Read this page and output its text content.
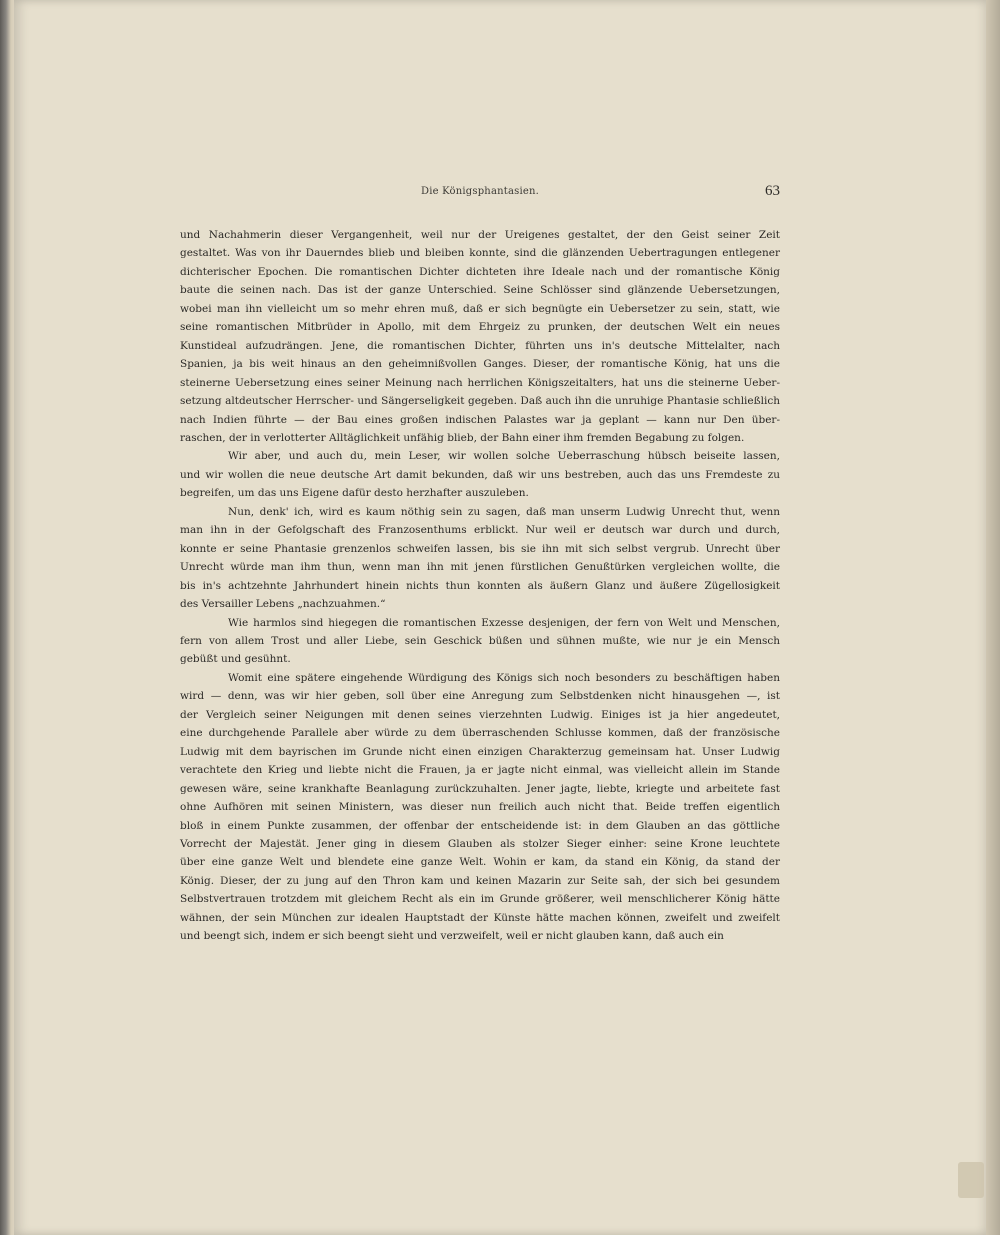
Die Königsphantasien.	63
und Nachahmerin dieser Vergangenheit, weil nur der Ureigenes gestaltet, der den Geist seiner Zeit
gestaltet. Was von ihr Dauerndes blieb und bleiben konnte, sind die glänzenden Uebertragungen entlegener
dichterischer Epochen. Die romantischen Dichter dichteten ihre Ideale nach und der romantische König
baute die seinen nach. Das ist der ganze Unterschied. Seine Schlösser sind glänzende Uebersetzungen,
wobei man ihn vielleicht um so mehr ehren muß, daß er sich begnügte ein Uebersetzer zu sein, statt, wie
seine romantischen Mitbrüder in Apollo, mit dem Ehrgeiz zu prunken, der deutschen Welt ein neues
Kunstideal aufzudrängen. Jene, die romantischen Dichter, führten uns in's deutsche Mittelalter, nach
Spanien, ja bis weit hinaus an den geheimnißvollen Ganges. Dieser, der romantische König, hat uns die
steinerne Uebersetzung eines seiner Meinung nach herrlichen Königszeitalters, hat uns die steinerne Ueber-
setzung altdeutscher Herrscher- und Sängerseligkeit gegeben. Daß auch ihn die unruhige Phantasie schließlich
nach Indien führte — der Bau eines großen indischen Palastes war ja geplant — kann nur Den über-
raschen, der in verlotterter Alltäglichkeit unfähig blieb, der Bahn einer ihm fremden Begabung zu folgen.
Wir aber, und auch du, mein Leser, wir wollen solche Ueberraschung hübsch beiseite lassen,
und wir wollen die neue deutsche Art damit bekunden, daß wir uns bestreben, auch das uns Fremdeste zu
begreifen, um das uns Eigene dafür desto herzhafter auszuleben.
Nun, denk' ich, wird es kaum nöthig sein zu sagen, daß man unserm Ludwig Unrecht thut, wenn
man ihn in der Gefolgschaft des Franzosenthums erblickt. Nur weil er deutsch war durch und durch,
konnte er seine Phantasie grenzenlos schweifen lassen, bis sie ihn mit sich selbst vergrub. Unrecht über
Unrecht würde man ihm thun, wenn man ihn mit jenen fürstlichen Genußtürken vergleichen wollte, die
bis in's achtzehnte Jahrhundert hinein nichts thun konnten als äußern Glanz und äußere Zügellosigkeit
des Versailler Lebens „nachzuahmen.“
Wie harmlos sind hiegegen die romantischen Exzesse desjenigen, der fern von Welt und Menschen,
fern von allem Trost und aller Liebe, sein Geschick büßen und sühnen mußte, wie nur je ein Mensch
gebüßt und gesühnt.
Womit eine spätere eingehende Würdigung des Königs sich noch besonders zu beschäftigen haben
wird — denn, was wir hier geben, soll über eine Anregung zum Selbstdenken nicht hinausgehen —, ist
der Vergleich seiner Neigungen mit denen seines vierzehnten Ludwig. Einiges ist ja hier angedeutet,
eine durchgehende Parallele aber würde zu dem überraschenden Schlusse kommen, daß der französische
Ludwig mit dem bayrischen im Grunde nicht einen einzigen Charakterzug gemeinsam hat. Unser Ludwig
verachtete den Krieg und liebte nicht die Frauen, ja er jagte nicht einmal, was vielleicht allein im Stande
gewesen wäre, seine krankhafte Beanlagung zurückzuhalten. Jener jagte, liebte, kriegte und arbeitete fast
ohne Aufhören mit seinen Ministern, was dieser nun freilich auch nicht that. Beide treffen eigentlich
bloß in einem Punkte zusammen, der offenbar der entscheidende ist: in dem Glauben an das göttliche
Vorrecht der Majestät. Jener ging in diesem Glauben als stolzer Sieger einher: seine Krone leuchtete
über eine ganze Welt und blendete eine ganze Welt. Wohin er kam, da stand ein König, da stand der
König. Dieser, der zu jung auf den Thron kam und keinen Mazarin zur Seite sah, der sich bei gesundem
Selbstvertrauen trotzdem mit gleichem Recht als ein im Grunde größerer, weil menschlicherer König hätte
wähnen, der sein München zur idealen Hauptstadt der Künste hätte machen können, zweifelt und zweifelt
und beengt sich, indem er sich beengt sieht und verzweifelt, weil er nicht glauben kann, daß auch ein
